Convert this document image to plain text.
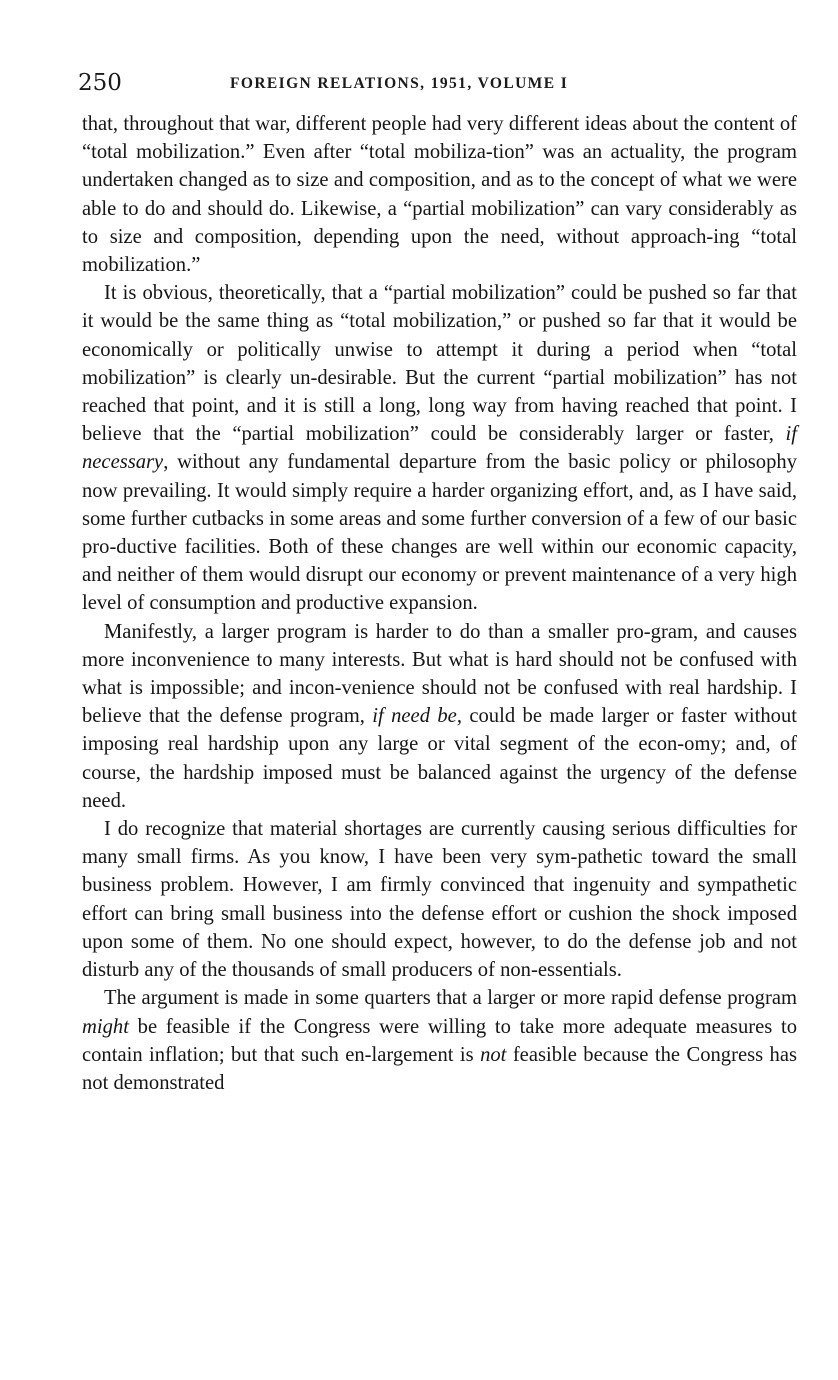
250	FOREIGN RELATIONS, 1951, VOLUME I

that, throughout that war, different people had very different ideas about the content of “total mobilization.” Even after “total mobiliza-tion” was an actuality, the program undertaken changed as to size and composition, and as to the concept of what we were able to do and should do. Likewise, a “partial mobilization” can vary considerably as to size and composition, depending upon the need, without approach-ing “total mobilization.”

It is obvious, theoretically, that a “partial mobilization” could be pushed so far that it would be the same thing as “total mobilization,” or pushed so far that it would be economically or politically unwise to attempt it during a period when “total mobilization” is clearly un-desirable. But the current “partial mobilization” has not reached that point, and it is still a long, long way from having reached that point. I believe that the “partial mobilization” could be considerably larger or faster, if necessary, without any fundamental departure from the basic policy or philosophy now prevailing. It would simply require a harder organizing effort, and, as I have said, some further cutbacks in some areas and some further conversion of a few of our basic pro-ductive facilities. Both of these changes are well within our economic capacity, and neither of them would disrupt our economy or prevent maintenance of a very high level of consumption and productive expansion.

Manifestly, a larger program is harder to do than a smaller pro-gram, and causes more inconvenience to many interests. But what is hard should not be confused with what is impossible; and incon-venience should not be confused with real hardship. I believe that the defense program, if need be, could be made larger or faster without imposing real hardship upon any large or vital segment of the econ-omy; and, of course, the hardship imposed must be balanced against the urgency of the defense need.

I do recognize that material shortages are currently causing serious difficulties for many small firms. As you know, I have been very sym-pathetic toward the small business problem. However, I am firmly convinced that ingenuity and sympathetic effort can bring small business into the defense effort or cushion the shock imposed upon some of them. No one should expect, however, to do the defense job and not disturb any of the thousands of small producers of non-essentials.

The argument is made in some quarters that a larger or more rapid defense program might be feasible if the Congress were willing to take more adequate measures to contain inflation; but that such en-largement is not feasible because the Congress has not demonstrated
